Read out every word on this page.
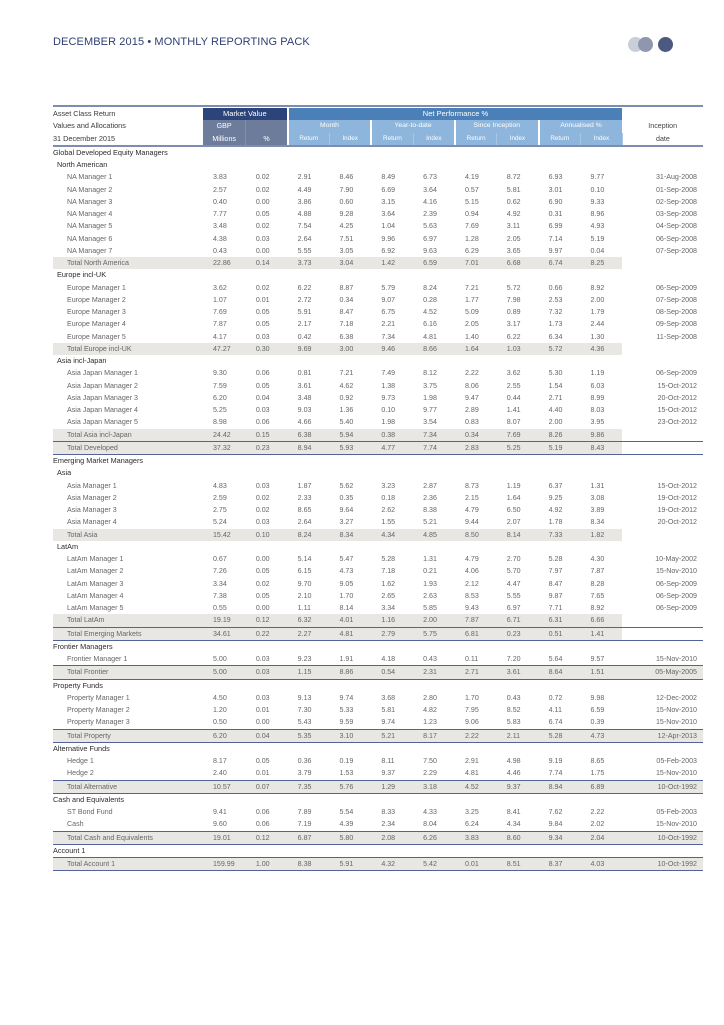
DECEMBER 2015 • MONTHLY REPORTING PACK
Asset Class Return	Market Value		Net Performance %								
Values and Allocations	GBP		Month		Year-to-date		Since Inception		Annualised %		Inception
31 December 2015	Millions	%	Return	Index	Return	Index	Return	Index	Return	Index	date

Global Developed Equity Managers											
North American											
NA Manager 1	3.83	0.02	2.91	8.46	8.49	6.73	4.19	8.72	6.93	9.77	31-Aug-2008
NA Manager 2	2.57	0.02	4.49	7.90	6.69	3.64	0.57	5.81	3.01	0.10	01-Sep-2008
NA Manager 3	0.40	0.00	3.86	0.60	3.15	4.16	5.15	0.62	6.90	9.33	02-Sep-2008
NA Manager 4	7.77	0.05	4.88	9.28	3.64	2.39	0.94	4.92	0.31	8.96	03-Sep-2008
NA Manager 5	3.48	0.02	7.54	4.25	1.04	5.63	7.69	3.11	6.99	4.93	04-Sep-2008
NA Manager 6	4.38	0.03	2.64	7.51	9.96	6.97	1.28	2.05	7.14	5.19	06-Sep-2008
NA Manager 7	0.43	0.00	5.55	3.05	6.92	9.63	6.29	3.65	9.97	0.04	07-Sep-2008
Total North America	22.86	0.14	3.73	3.04	1.42	6.59	7.01	6.68	6.74	8.25	
Europe incl-UK											
Europe Manager 1	3.62	0.02	6.22	8.87	5.79	8.24	7.21	5.72	0.66	8.92	06-Sep-2009
Europe Manager 2	1.07	0.01	2.72	0.34	9.07	0.28	1.77	7.98	2.53	2.00	07-Sep-2008
Europe Manager 3	7.69	0.05	5.91	8.47	6.75	4.52	5.09	0.89	7.32	1.79	08-Sep-2008
Europe Manager 4	7.87	0.05	2.17	7.18	2.21	6.16	2.05	3.17	1.73	2.44	09-Sep-2008
Europe Manager 5	4.17	0.03	0.42	6.38	7.34	4.81	1.40	6.22	6.34	1.30	11-Sep-2008
Total Europe incl-UK	47.27	0.30	9.69	3.00	9.46	8.66	1.64	1.03	5.72	4.36	
Asia incl-Japan											
Asia Japan Manager 1	9.30	0.06	0.81	7.21	7.49	8.12	2.22	3.62	5.30	1.19	06-Sep-2009
Asia Japan Manager 2	7.59	0.05	3.61	4.62	1.38	3.75	8.06	2.55	1.54	6.03	15-Oct-2012
Asia Japan Manager 3	6.20	0.04	3.48	0.92	9.73	1.98	9.47	0.44	2.71	8.99	20-Oct-2012
Asia Japan Manager 4	5.25	0.03	9.03	1.36	0.10	9.77	2.89	1.41	4.40	8.03	15-Oct-2012
Asia Japan Manager 5	8.98	0.06	4.66	5.40	1.98	3.54	0.83	8.07	2.00	3.95	23-Oct-2012
Total Asia incl-Japan	24.42	0.15	6.38	5.94	0.38	7.34	0.34	7.69	8.26	9.86	
Total Developed	37.32	0.23	8.94	5.93	4.77	7.74	2.83	5.25	5.19	8.43	
Emerging Market Managers											
Asia											
Asia Manager 1	4.83	0.03	1.87	5.62	3.23	2.87	8.73	1.19	6.37	1.31	15-Oct-2012
Asia Manager 2	2.59	0.02	2.33	0.35	0.18	2.36	2.15	1.64	9.25	3.08	19-Oct-2012
Asia Manager 3	2.75	0.02	8.65	9.64	2.62	8.38	4.79	6.50	4.92	3.89	19-Oct-2012
Asia Manager 4	5.24	0.03	2.64	3.27	1.55	5.21	9.44	2.07	1.78	8.34	20-Oct-2012
Total Asia	15.42	0.10	8.24	8.34	4.34	4.85	8.50	8.14	7.33	1.82	
LatAm											
LatAm Manager 1	0.67	0.00	5.14	5.47	5.28	1.31	4.79	2.70	5.28	4.30	10-May-2002
LatAm Manager 2	7.26	0.05	6.15	4.73	7.18	0.21	4.06	5.70	7.97	7.87	15-Nov-2010
LatAm Manager 3	3.34	0.02	9.70	9.05	1.62	1.93	2.12	4.47	8.47	8.28	06-Sep-2009
LatAm Manager 4	7.38	0.05	2.10	1.70	2.65	2.63	8.53	5.55	9.87	7.65	06-Sep-2009
LatAm Manager 5	0.55	0.00	1.11	8.14	3.34	5.85	9.43	6.97	7.71	8.92	06-Sep-2009
Total LatAm	19.19	0.12	6.32	4.01	1.16	2.00	7.87	6.71	6.31	6.66	
Total Emerging Markets	34.61	0.22	2.27	4.81	2.79	5.75	6.81	0.23	0.51	1.41	
Frontier Managers											
Frontier Manager 1	5.00	0.03	9.23	1.91	4.18	0.43	0.11	7.20	5.64	9.57	15-Nov-2010
Total Frontier	5.00	0.03	1.15	8.86	0.54	2.31	2.71	3.61	8.64	1.51	05-May-2005
Property Funds											
Property Manager 1	4.50	0.03	9.13	9.74	3.68	2.80	1.70	0.43	0.72	9.98	12-Dec-2002
Property Manager 2	1.20	0.01	7.30	5.33	5.81	4.82	7.95	8.52	4.11	6.59	15-Nov-2010
Property Manager 3	0.50	0.00	5.43	9.59	9.74	1.23	9.06	5.83	6.74	0.39	15-Nov-2010
Total Property	6.20	0.04	5.35	3.10	5.21	8.17	2.22	2.11	5.28	4.73	12-Apr-2013
Alternative Funds											
Hedge 1	8.17	0.05	0.36	0.19	8.11	7.50	2.91	4.98	9.19	8.65	05-Feb-2003
Hedge 2	2.40	0.01	3.79	1.53	9.37	2.29	4.81	4.46	7.74	1.75	15-Nov-2010
Total Alternative	10.57	0.07	7.35	5.76	1.29	3.18	4.52	9.37	8.94	6.89	10-Oct-1992
Cash and Equivalents											
ST Bond Fund	9.41	0.06	7.89	5.54	8.33	4.33	3.25	8.41	7.62	2.22	05-Feb-2003
Cash	9.60	0.06	7.19	4.39	2.34	8.04	6.24	4.34	9.84	2.02	15-Nov-2010
Total Cash and Equivalents	19.01	0.12	6.87	5.80	2.08	6.26	3.83	8.60	9.34	2.04	10-Oct-1992
Account 1											
Total Account 1	159.99	1.00	8.38	5.91	4.32	5.42	0.01	8.51	8.37	4.03	10-Oct-1992
